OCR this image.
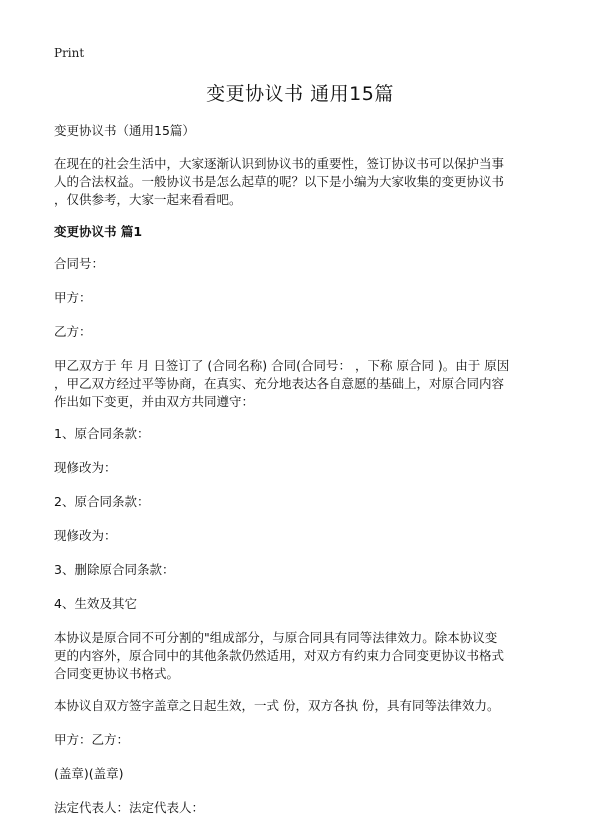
Print
变更协议书 通用15篇

变更协议书（通用15篇）

在现在的社会生活中，大家逐渐认识到协议书的重要性，签订协议书可以保护当事
人的合法权益。一般协议书是怎么起草的呢？以下是小编为大家收集的变更协议书
，仅供参考，大家一起来看看吧。

变更协议书 篇1

合同号：

甲方：

乙方：

甲乙双方于 年 月 日签订了 (合同名称) 合同(合同号： ，下称 原合同 )。由于 原因
，甲乙双方经过平等协商，在真实、充分地表达各自意愿的基础上，对原合同内容
作出如下变更，并由双方共同遵守：

1、原合同条款：

现修改为：

2、原合同条款：

现修改为：

3、删除原合同条款：

4、生效及其它

本协议是原合同不可分割的"组成部分，与原合同具有同等法律效力。除本协议变
更的内容外，原合同中的其他条款仍然适用，对双方有约束力合同变更协议书格式
合同变更协议书格式。

本协议自双方签字盖章之日起生效，一式 份，双方各执 份，具有同等法律效力。

甲方：乙方：

(盖章)(盖章)

法定代表人：法定代表人：
